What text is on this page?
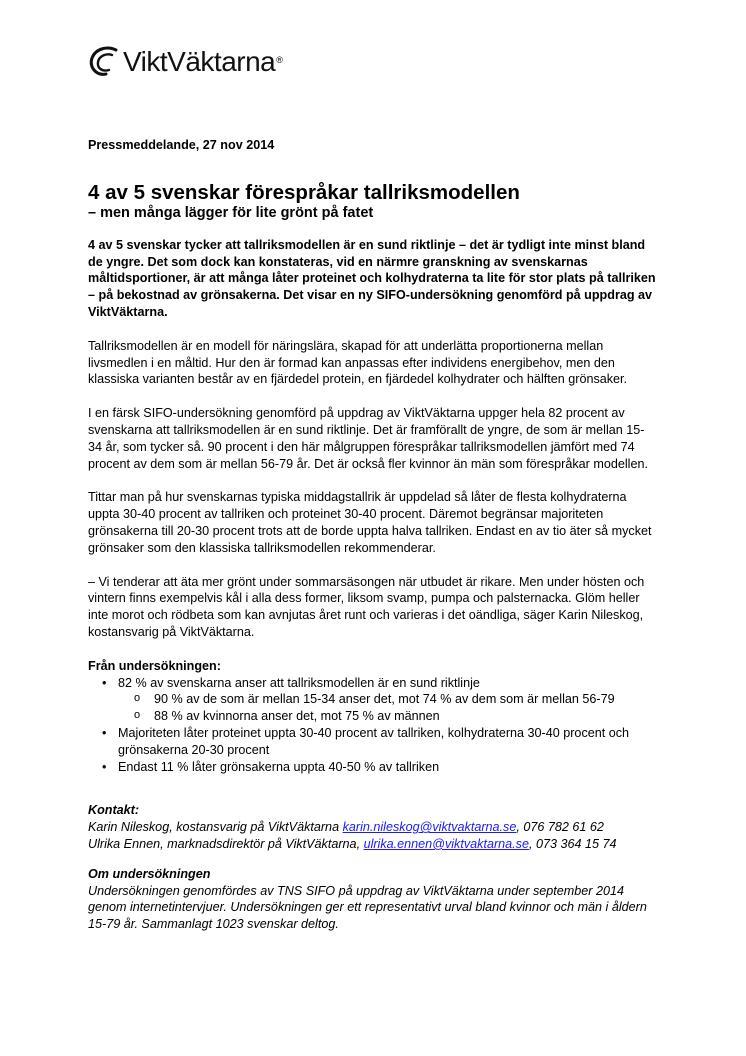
ViktVäktarna ®

Pressmeddelande, 27 nov 2014

4 av 5 svenskar förespråkar tallriksmodellen
– men många lägger för lite grönt på fatet

4 av 5 svenskar tycker att tallriksmodellen är en sund riktlinje – det är tydligt inte minst bland de yngre. Det som dock kan konstateras, vid en närmre granskning av svenskarnas måltidsportioner, är att många låter proteinet och kolhydraterna ta lite för stor plats på tallriken – på bekostnad av grönsakerna. Det visar en ny SIFO-undersökning genomförd på uppdrag av ViktVäktarna.

Tallriksmodellen är en modell för näringslära, skapad för att underlätta proportionerna mellan livsmedlen i en måltid. Hur den är formad kan anpassas efter individens energibehov, men den klassiska varianten består av en fjärdedel protein, en fjärdedel kolhydrater och hälften grönsaker.

I en färsk SIFO-undersökning genomförd på uppdrag av ViktVäktarna uppger hela 82 procent av svenskarna att tallriksmodellen är en sund riktlinje. Det är framförallt de yngre, de som är mellan 15-34 år, som tycker så. 90 procent i den här målgruppen förespråkar tallriksmodellen jämfört med 74 procent av dem som är mellan 56-79 år. Det är också fler kvinnor än män som förespråkar modellen.

Tittar man på hur svenskarnas typiska middagstallrik är uppdelad så låter de flesta kolhydraterna uppta 30-40 procent av tallriken och proteinet 30-40 procent. Däremot begränsar majoriteten grönsakerna till 20-30 procent trots att de borde uppta halva tallriken. Endast en av tio äter så mycket grönsaker som den klassiska tallriksmodellen rekommenderar.

– Vi tenderar att äta mer grönt under sommarsäsongen när utbudet är rikare. Men under hösten och vintern finns exempelvis kål i alla dess former, liksom svamp, pumpa och palsternacka. Glöm heller inte morot och rödbeta som kan avnjutas året runt och varieras i det oändliga, säger Karin Nileskog, kostansvarig på ViktVäktarna.

Från undersökningen:

• 82 % av svenskarna anser att tallriksmodellen är en sund riktlinje
o 90 % av de som är mellan 15-34 anser det, mot 74 % av dem som är mellan 56-79
o 88 % av kvinnorna anser det, mot 75 % av männen
• Majoriteten låter proteinet uppta 30-40 procent av tallriken, kolhydraterna 30-40 procent och grönsakerna 20-30 procent
• Endast 11 % låter grönsakerna uppta 40-50 % av tallriken
Kontakt:
Karin Nileskog, kostansvarig på ViktVäktarna karin.nileskog@viktvaktarna.se, 076 782 61 62
Ulrika Ennen, marknadsdirektör på ViktVäktarna, ulrika.ennen@viktvaktarna.se, 073 364 15 74
Om undersökningen
Undersökningen genomfördes av TNS SIFO på uppdrag av ViktVäktarna under september 2014 genom internetintervjuer. Undersökningen ger ett representativt urval bland kvinnor och män i åldern 15-79 år. Sammanlagt 1023 svenskar deltog.
